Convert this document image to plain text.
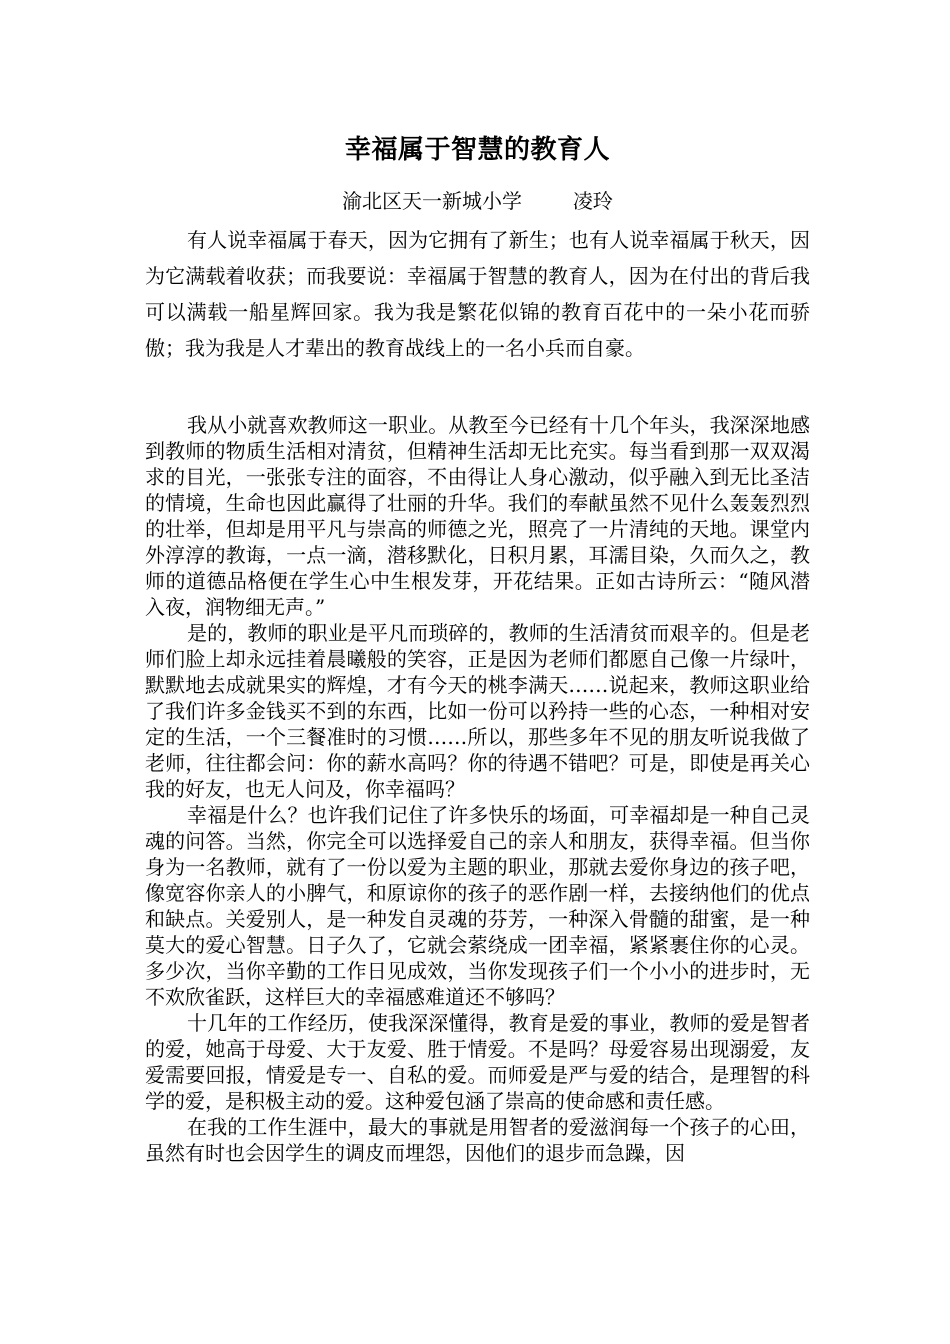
幸福属于智慧的教育人
渝北区天一新城小学        凌玲

有人说幸福属于春天，因为它拥有了新生；也有人说幸福属于秋天，因为它满载着收获；而我要说：幸福属于智慧的教育人，因为在付出的背后我可以满载一船星辉回家。我为我是繁花似锦的教育百花中的一朵小花而骄傲；我为我是人才辈出的教育战线上的一名小兵而自豪。

我从小就喜欢教师这一职业。从教至今已经有十几个年头，我深深地感到教师的物质生活相对清贫，但精神生活却无比充实。每当看到那一双双渴求的目光，一张张专注的面容，不由得让人身心激动，似乎融入到无比圣洁的情境，生命也因此赢得了壮丽的升华。我们的奉献虽然不见什么轰轰烈烈的壮举，但却是用平凡与崇高的师德之光，照亮了一片清纯的天地。课堂内外淳淳的教诲，一点一滴，潜移默化，日积月累，耳濡目染，久而久之，教师的道德品格便在学生心中生根发芽，开花结果。正如古诗所云：“随风潜入夜，润物细无声。”

是的，教师的职业是平凡而琐碎的，教师的生活清贫而艰辛的。但是老师们脸上却永远挂着晨曦般的笑容，正是因为老师们都愿自己像一片绿叶，默默地去成就果实的辉煌，才有今天的桃李满天……说起来，教师这职业给了我们许多金钱买不到的东西，比如一份可以矜持一些的心态，一种相对安定的生活，一个三餐准时的习惯……所以，那些多年不见的朋友听说我做了老师，往往都会问：你的薪水高吗？你的待遇不错吧？可是，即使是再关心我的好友，也无人问及，你幸福吗？

幸福是什么？也许我们记住了许多快乐的场面，可幸福却是一种自己灵魂的问答。当然，你完全可以选择爱自己的亲人和朋友，获得幸福。但当你身为一名教师，就有了一份以爱为主题的职业，那就去爱你身边的孩子吧，像宽容你亲人的小脾气，和原谅你的孩子的恶作剧一样，去接纳他们的优点和缺点。关爱别人，是一种发自灵魂的芬芳，一种深入骨髓的甜蜜，是一种莫大的爱心智慧。日子久了，它就会萦绕成一团幸福，紧紧裹住你的心灵。多少次，当你辛勤的工作日见成效，当你发现孩子们一个小小的进步时，无不欢欣雀跃，这样巨大的幸福感难道还不够吗？

十几年的工作经历，使我深深懂得，教育是爱的事业，教师的爱是智者的爱，她高于母爱、大于友爱、胜于情爱。不是吗？母爱容易出现溺爱，友爱需要回报，情爱是专一、自私的爱。而师爱是严与爱的结合，是理智的科学的爱，是积极主动的爱。这种爱包涵了崇高的使命感和责任感。

在我的工作生涯中，最大的事就是用智者的爱滋润每一个孩子的心田，虽然有时也会因学生的调皮而埋怨，因他们的退步而急躁，因
